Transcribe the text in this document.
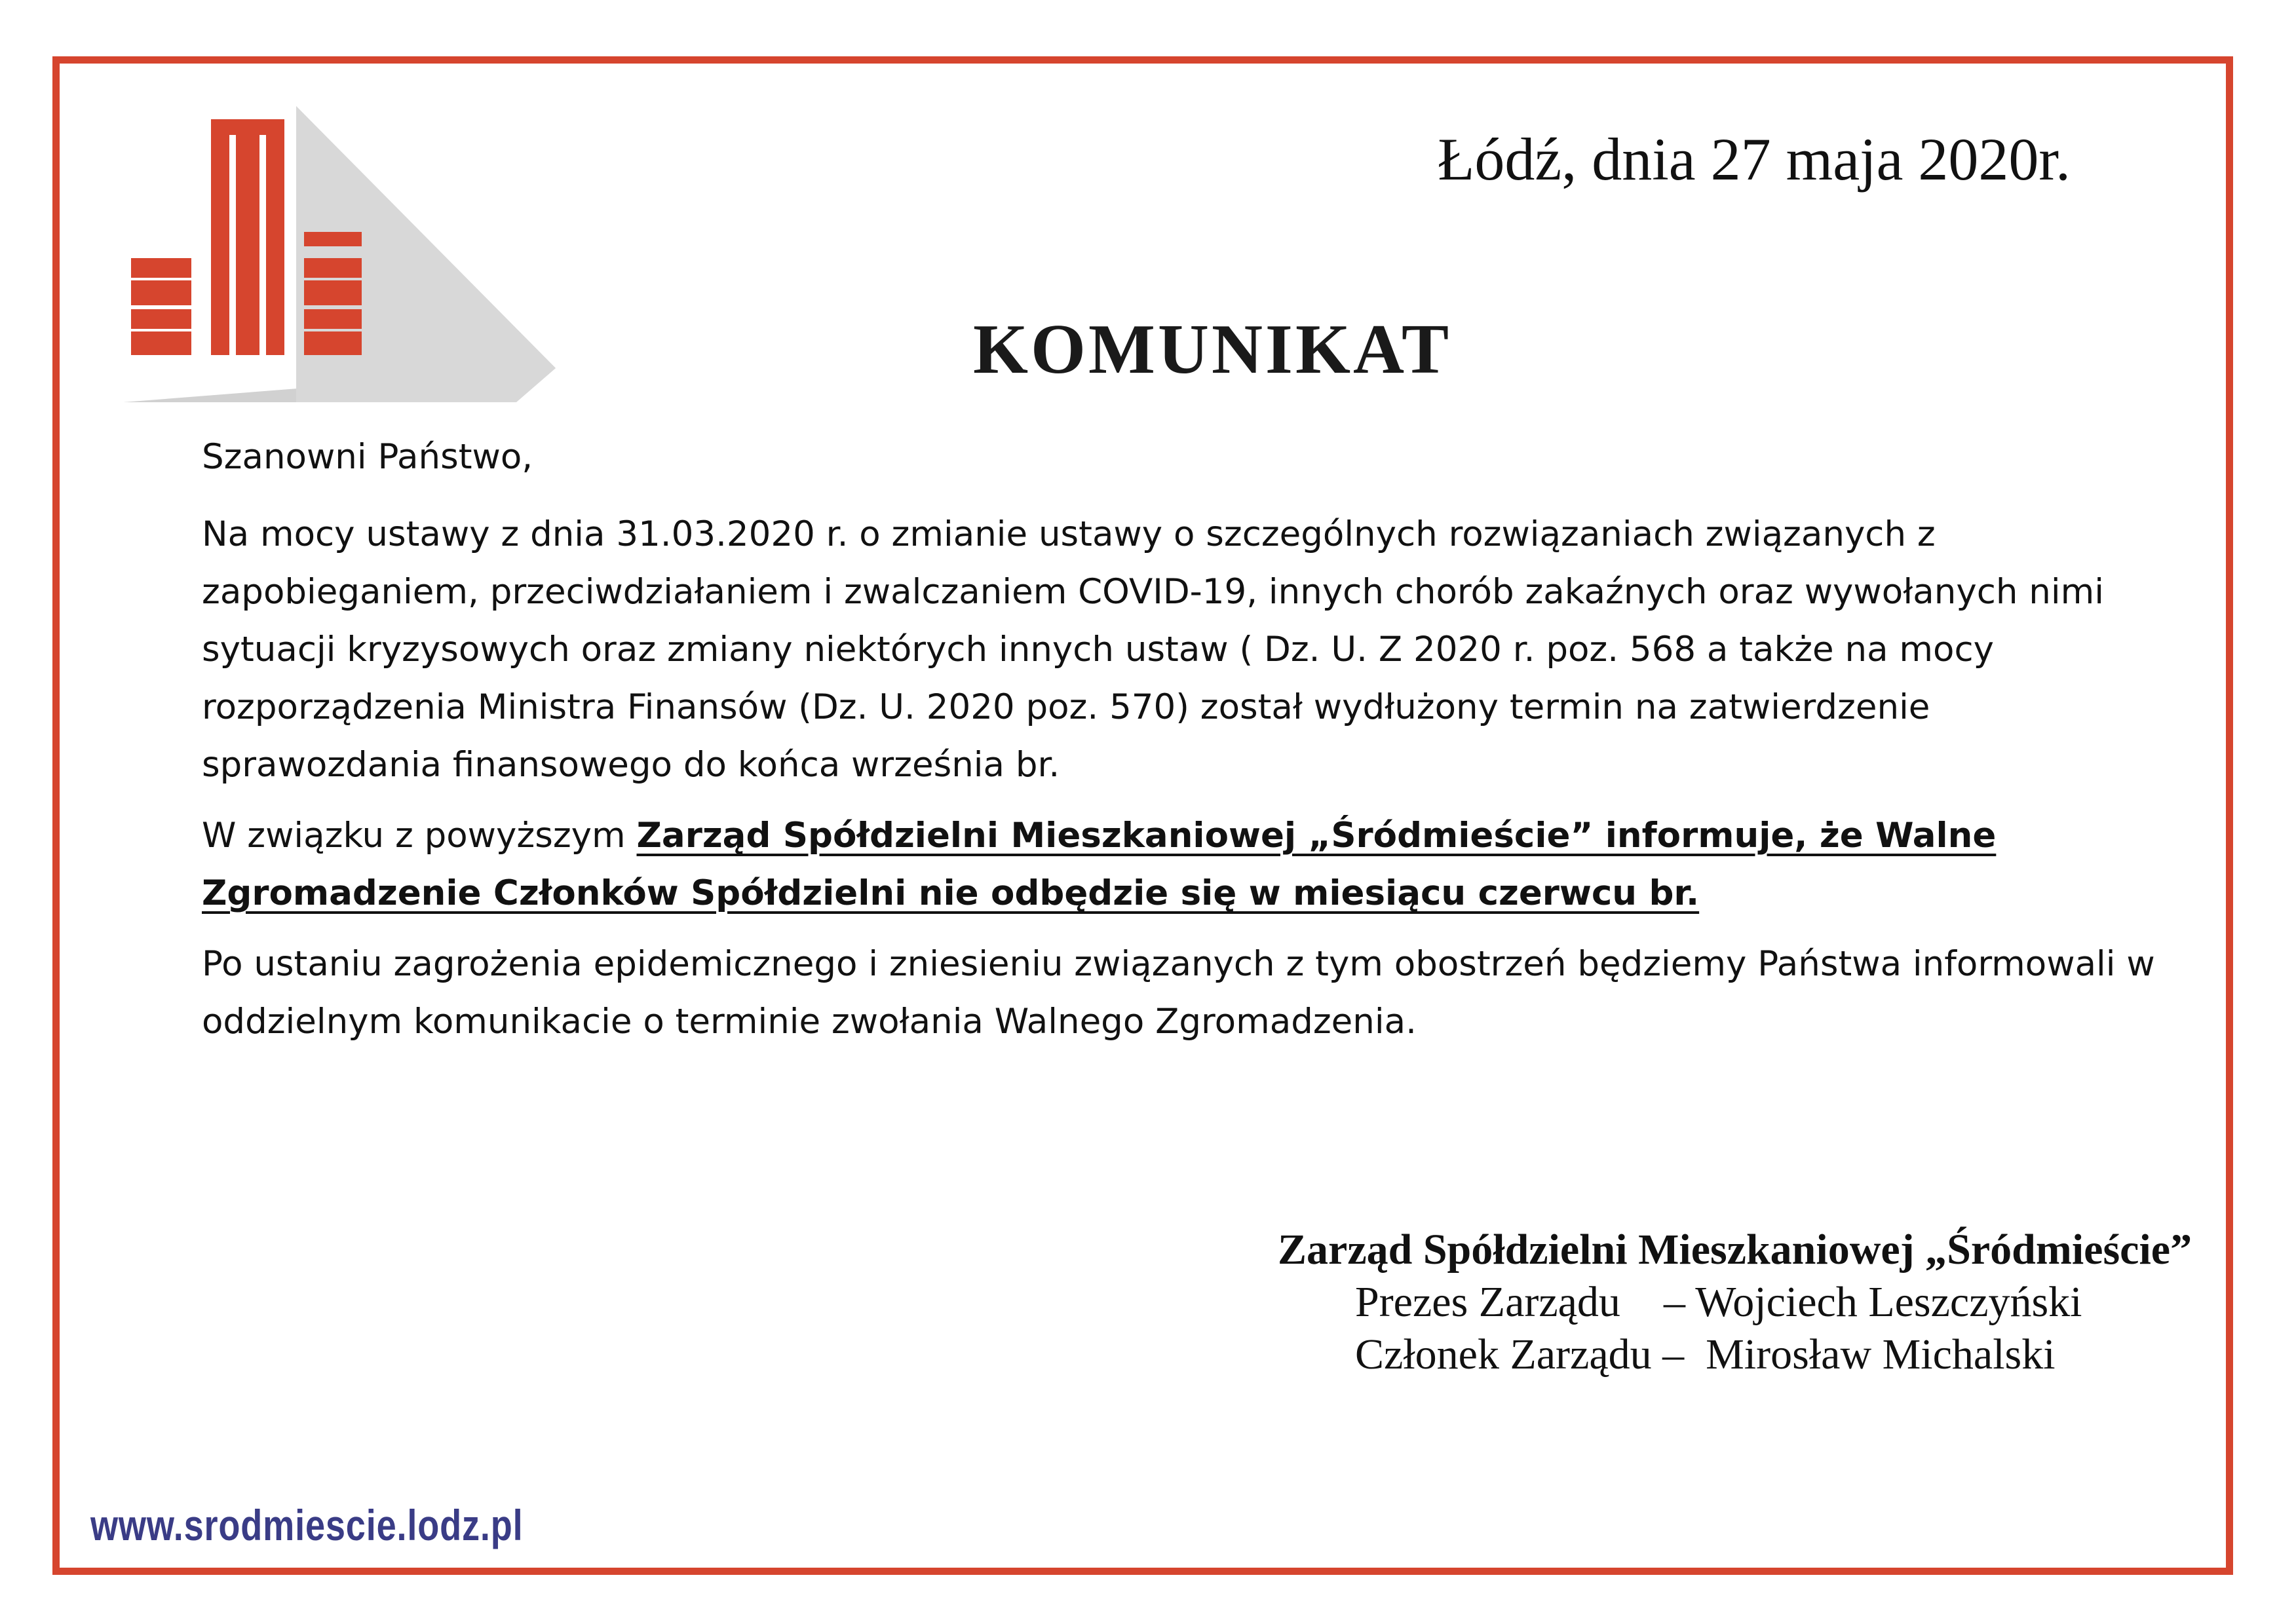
Łódź, dnia 27 maja 2020r.
KOMUNIKAT

Szanowni Państwo,

Na mocy ustawy z dnia 31.03.2020 r. o zmianie ustawy o szczególnych rozwiązaniach związanych z zapobieganiem, przeciwdziałaniem i zwalczaniem COVID-19, innych chorób zakaźnych oraz wywołanych nimi sytuacji kryzysowych oraz zmiany niektórych innych ustaw ( Dz. U. Z 2020 r. poz. 568 a także na mocy rozporządzenia Ministra Finansów (Dz. U. 2020 poz. 570) został wydłużony termin na zatwierdzenie sprawozdania finansowego do końca września br.

W związku z powyższym Zarząd Spółdzielni Mieszkaniowej „Śródmieście” informuje, że Walne Zgromadzenie Członków Spółdzielni nie odbędzie się w miesiącu czerwcu br.

Po ustaniu zagrożenia epidemicznego i zniesieniu związanych z tym obostrzeń będziemy Państwa informowali w oddzielnym komunikacie o terminie zwołania Walnego Zgromadzenia.

Zarząd Spółdzielni Mieszkaniowej „Śródmieście”
Prezes Zarządu    – Wojciech Leszczyński
Członek Zarządu –  Mirosław Michalski
www.srodmiescie.lodz.pl
